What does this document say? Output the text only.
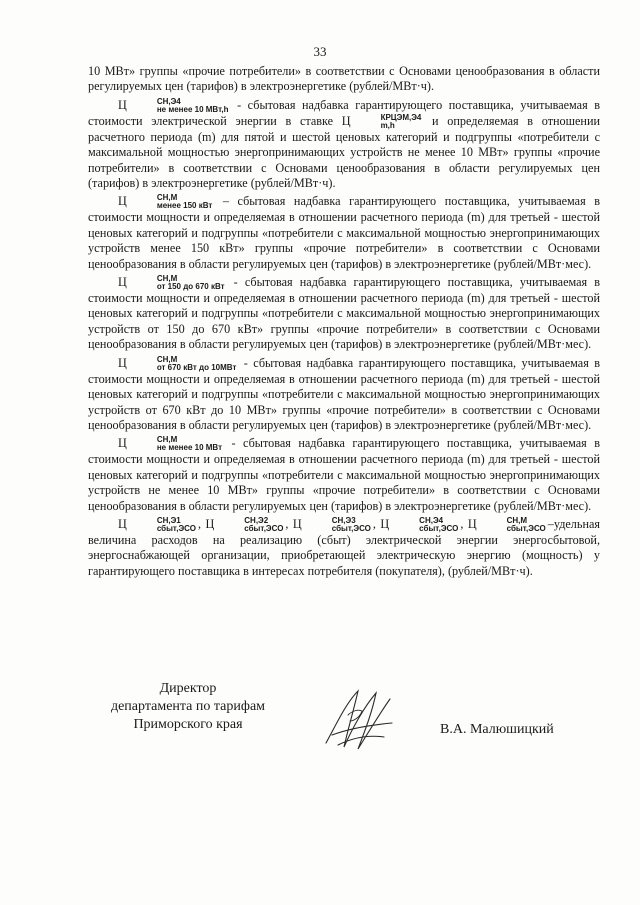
33

10 МВт» группы «прочие потребители» в соответствии с Основами ценообразования в области регулируемых цен (тарифов) в электроэнергетике (рублей/МВт·ч).

Ц	СН,Э4
не менее 10 МВт,h - сбытовая надбавка гарантирующего поставщика, учитываемая в стоимости электрической энергии в ставке Ц	КРЦЭМ,Э4
m,h	и определяемая в отношении расчетного периода (m) для пятой и шестой ценовых категорий и подгруппы «потребители с максимальной мощностью энергопринимающих устройств не менее 10 МВт» группы «прочие потребители» в соответствии с Основами ценообразования в области регулируемых цен (тарифов) в электроэнергетике (рублей/МВт·ч).

Ц	СН,М
менее 150 кВт – сбытовая надбавка гарантирующего поставщика, учитываемая в стоимости мощности и определяемая в отношении расчетного периода (m) для третьей - шестой ценовых категорий и подгруппы «потребители с максимальной мощностью энергопринимающих устройств менее 150 кВт» группы «прочие потребители» в соответствии с Основами ценообразования в области регулируемых цен (тарифов) в электроэнергетике (рублей/МВт·мес).

Ц	СН,М
от 150 до 670 кВт - сбытовая надбавка гарантирующего поставщика, учитываемая в стоимости мощности и определяемая в отношении расчетного периода (m) для третьей - шестой ценовых категорий и подгруппы «потребители с максимальной мощностью энергопринимающих устройств от 150 до 670 кВт» группы «прочие потребители» в соответствии с Основами ценообразования в области регулируемых цен (тарифов) в электроэнергетике (рублей/МВт·мес).

Ц	СН,М
от 670 кВт до 10МВт - сбытовая надбавка гарантирующего поставщика, учитываемая в стоимости мощности и определяемая в отношении расчетного периода (m) для третьей - шестой ценовых категорий и подгруппы «потребители с максимальной мощностью энергопринимающих устройств от 670 кВт до 10 МВт» группы «прочие потребители» в соответствии с Основами ценообразования в области регулируемых цен (тарифов) в электроэнергетике (рублей/МВт·мес).

Ц	СН,М
не менее 10 МВт - сбытовая надбавка гарантирующего поставщика, учитываемая в стоимости мощности и определяемая в отношении расчетного периода (m) для третьей - шестой ценовых категорий и подгруппы «потребители с максимальной мощностью энергопринимающих устройств не менее 10 МВт» группы «прочие потребители» в соответствии с Основами ценообразования в области регулируемых цен (тарифов) в электроэнергетике (рублей/МВт·мес).

Ц	СН,Э1
сбыт,ЭСО , Ц	СН,Э2
сбыт,ЭСО , Ц	СН,Э3
сбыт,ЭСО , Ц	СН,Э4
сбыт,ЭСО , Ц	СН,М
сбыт,ЭСО –удельная величина расходов на реализацию (сбыт) электрической энергии энергосбытовой, энергоснабжающей организации, приобретающей электрическую энергию (мощность) у гарантирующего поставщика в интересах потребителя (покупателя), (рублей/МВт·ч).

Директор
департамента по тарифам
Приморского края	В.А. Малюшицкий
